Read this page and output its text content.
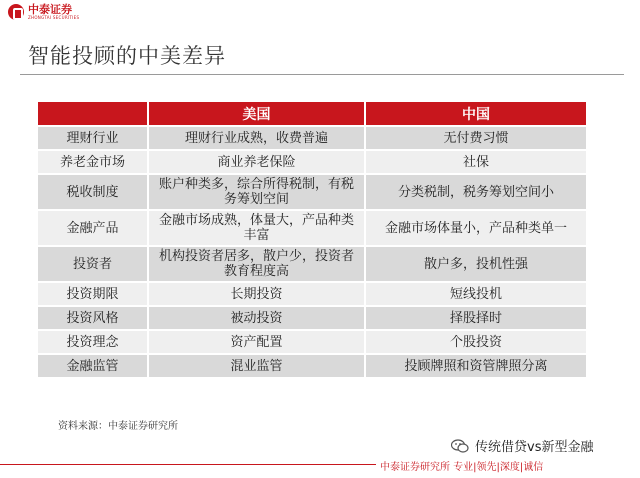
中泰证券
ZHONGTAI SECURITIES
智能投顾的中美差异
	美国	中国
理财行业	理财行业成熟，收费普遍	无付费习惯
养老金市场	商业养老保险	社保
税收制度	账户种类多，综合所得税制，有税务筹划空间	分类税制，税务筹划空间小
金融产品	金融市场成熟，体量大，产品种类丰富	金融市场体量小，产品种类单一
投资者	机构投资者居多，散户少，投资者教育程度高	散户多，投机性强
投资期限	长期投资	短线投机
投资风格	被动投资	择股择时
投资理念	资产配置	个股投资
金融监管	混业监管	投顾牌照和资管牌照分离
资料来源：中泰证券研究所
传统借贷vs新型金融
中泰证券研究所 专业|领先|深度|诚信
